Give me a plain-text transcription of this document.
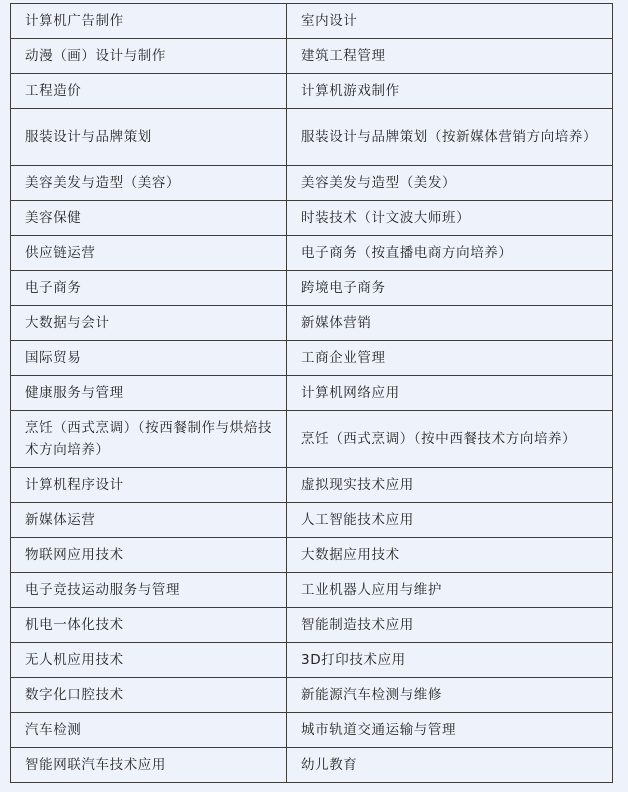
计算机广告制作	室内设计
动漫（画）设计与制作	建筑工程管理
工程造价	计算机游戏制作
服装设计与品牌策划	服装设计与品牌策划（按新媒体营销方向培养）
美容美发与造型（美容）	美容美发与造型（美发）
美容保健	时装技术（计文波大师班）
供应链运营	电子商务（按直播电商方向培养）
电子商务	跨境电子商务
大数据与会计	新媒体营销
国际贸易	工商企业管理
健康服务与管理	计算机网络应用
烹饪（西式烹调）（按西餐制作与烘焙技术方向培养）	烹饪（西式烹调）（按中西餐技术方向培养）
计算机程序设计	虚拟现实技术应用
新媒体运营	人工智能技术应用
物联网应用技术	大数据应用技术
电子竞技运动服务与管理	工业机器人应用与维护
机电一体化技术	智能制造技术应用
无人机应用技术	3D打印技术应用
数字化口腔技术	新能源汽车检测与维修
汽车检测	城市轨道交通运输与管理
智能网联汽车技术应用	幼儿教育
